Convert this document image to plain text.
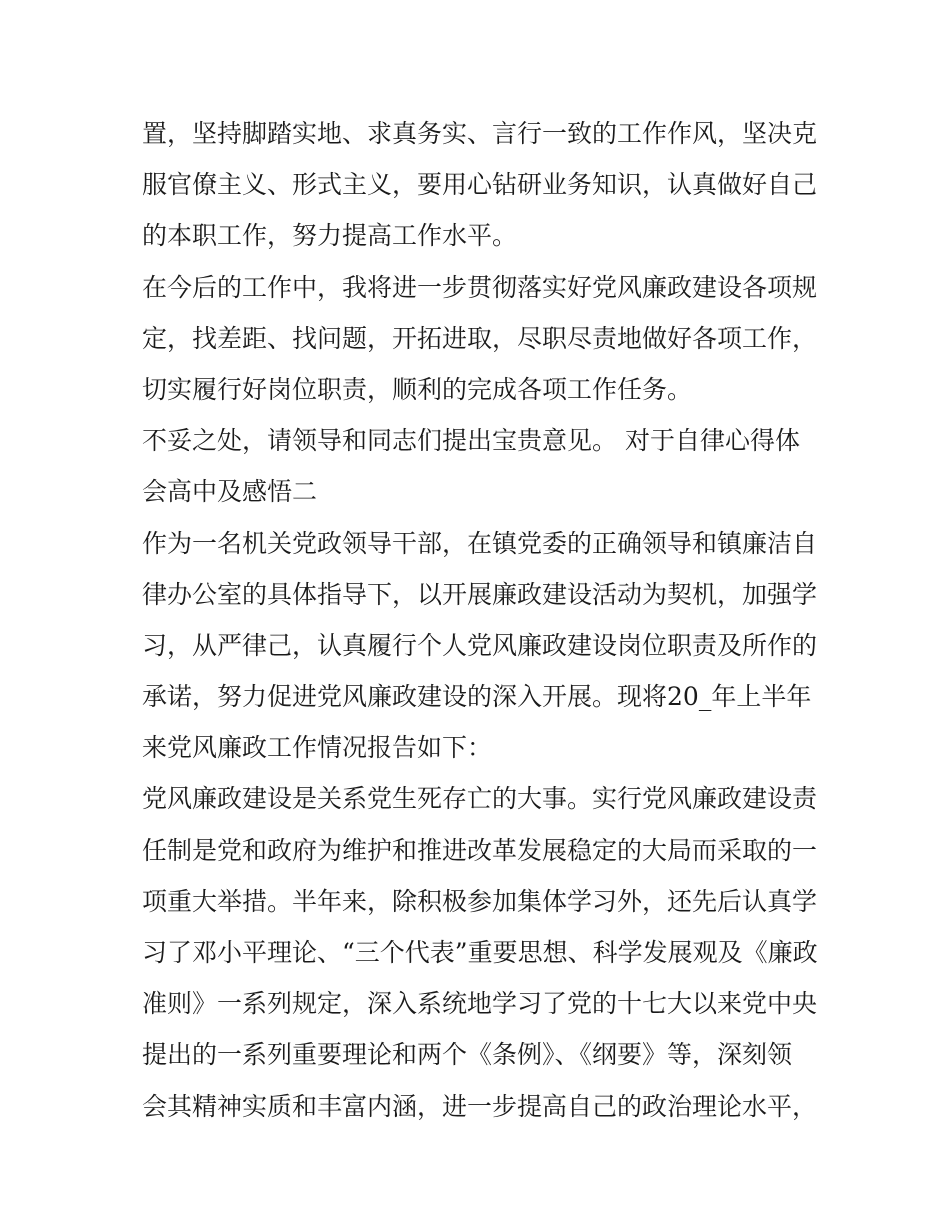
置，坚持脚踏实地、求真务实、言行一致的工作作风，坚决克
服官僚主义、形式主义，要用心钻研业务知识，认真做好自己
的本职工作，努力提高工作水平。
在今后的工作中，我将进一步贯彻落实好党风廉政建设各项规
定，找差距、找问题，开拓进取，尽职尽责地做好各项工作，
切实履行好岗位职责，顺利的完成各项工作任务。
不妥之处，请领导和同志们提出宝贵意见。 对于自律心得体
会高中及感悟二
作为一名机关党政领导干部，在镇党委的正确领导和镇廉洁自
律办公室的具体指导下，以开展廉政建设活动为契机，加强学
习，从严律己，认真履行个人党风廉政建设岗位职责及所作的
承诺，努力促进党风廉政建设的深入开展。现将20_年上半年
来党风廉政工作情况报告如下：
党风廉政建设是关系党生死存亡的大事。实行党风廉政建设责
任制是党和政府为维护和推进改革发展稳定的大局而采取的一
项重大举措。半年来，除积极参加集体学习外，还先后认真学
习了邓小平理论、“三个代表”重要思想、科学发展观及《廉政
准则》一系列规定，深入系统地学习了党的十七大以来党中央
提出的一系列重要理论和两个《条例》、《纲要》等，深刻领
会其精神实质和丰富内涵，进一步提高自己的政治理论水平，
